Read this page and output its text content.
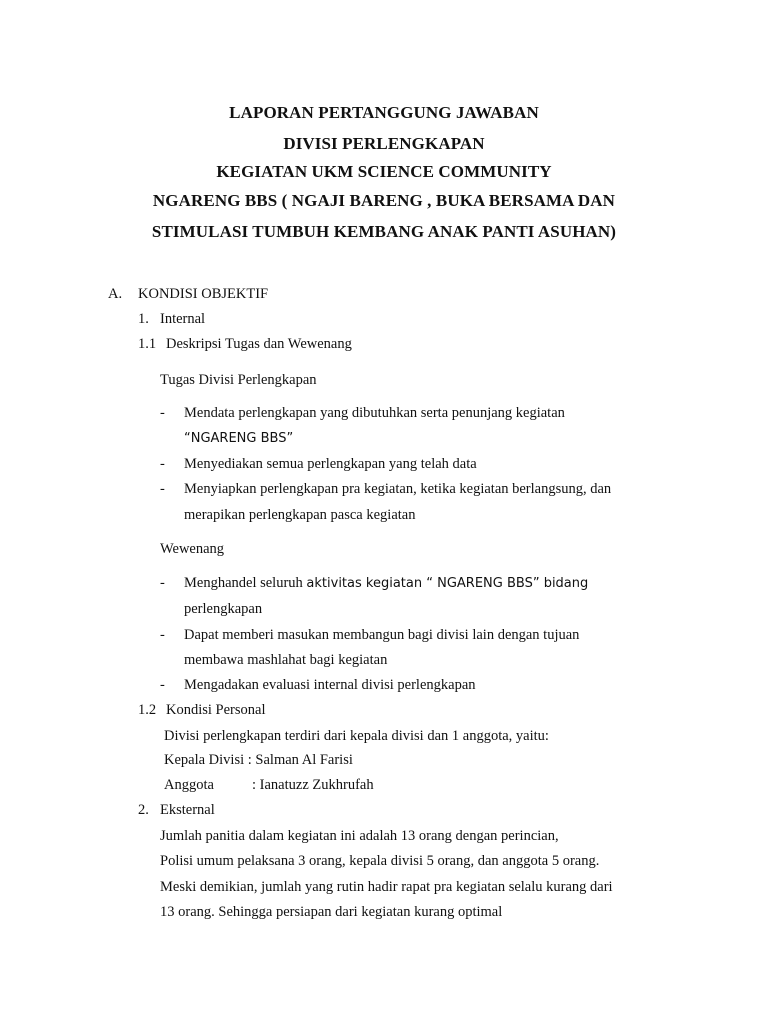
LAPORAN PERTANGGUNG JAWABAN
DIVISI PERLENGKAPAN
KEGIATAN UKM SCIENCE COMMUNITY
NGARENG BBS ( NGAJI BARENG , BUKA BERSAMA DAN
STIMULASI TUMBUH KEMBANG ANAK PANTI ASUHAN)
A. KONDISI OBJEKTIF
1. Internal
1.1 Deskripsi Tugas dan Wewenang
Tugas Divisi Perlengkapan
- Mendata perlengkapan yang dibutuhkan serta penunjang kegiatan
“NGARENG BBS”
- Menyediakan semua perlengkapan yang telah data
- Menyiapkan perlengkapan pra kegiatan, ketika kegiatan berlangsung, dan
merapikan perlengkapan pasca kegiatan
Wewenang
- Menghandel seluruh aktivitas kegiatan “ NGARENG BBS” bidang
perlengkapan
- Dapat memberi masukan membangun bagi divisi lain dengan tujuan
membawa mashlahat bagi kegiatan
- Mengadakan evaluasi internal divisi perlengkapan
1.2 Kondisi Personal
Divisi perlengkapan terdiri dari kepala divisi dan 1 anggota, yaitu:
Kepala Divisi : Salman Al Farisi
Anggota	: Ianatuzz Zukhrufah
2. Eksternal
Jumlah panitia dalam kegiatan ini adalah 13 orang dengan perincian,
Polisi umum pelaksana 3 orang, kepala divisi 5 orang, dan anggota 5 orang.
Meski demikian, jumlah yang rutin hadir rapat pra kegiatan selalu kurang dari
13 orang. Sehingga persiapan dari kegiatan kurang optimal
